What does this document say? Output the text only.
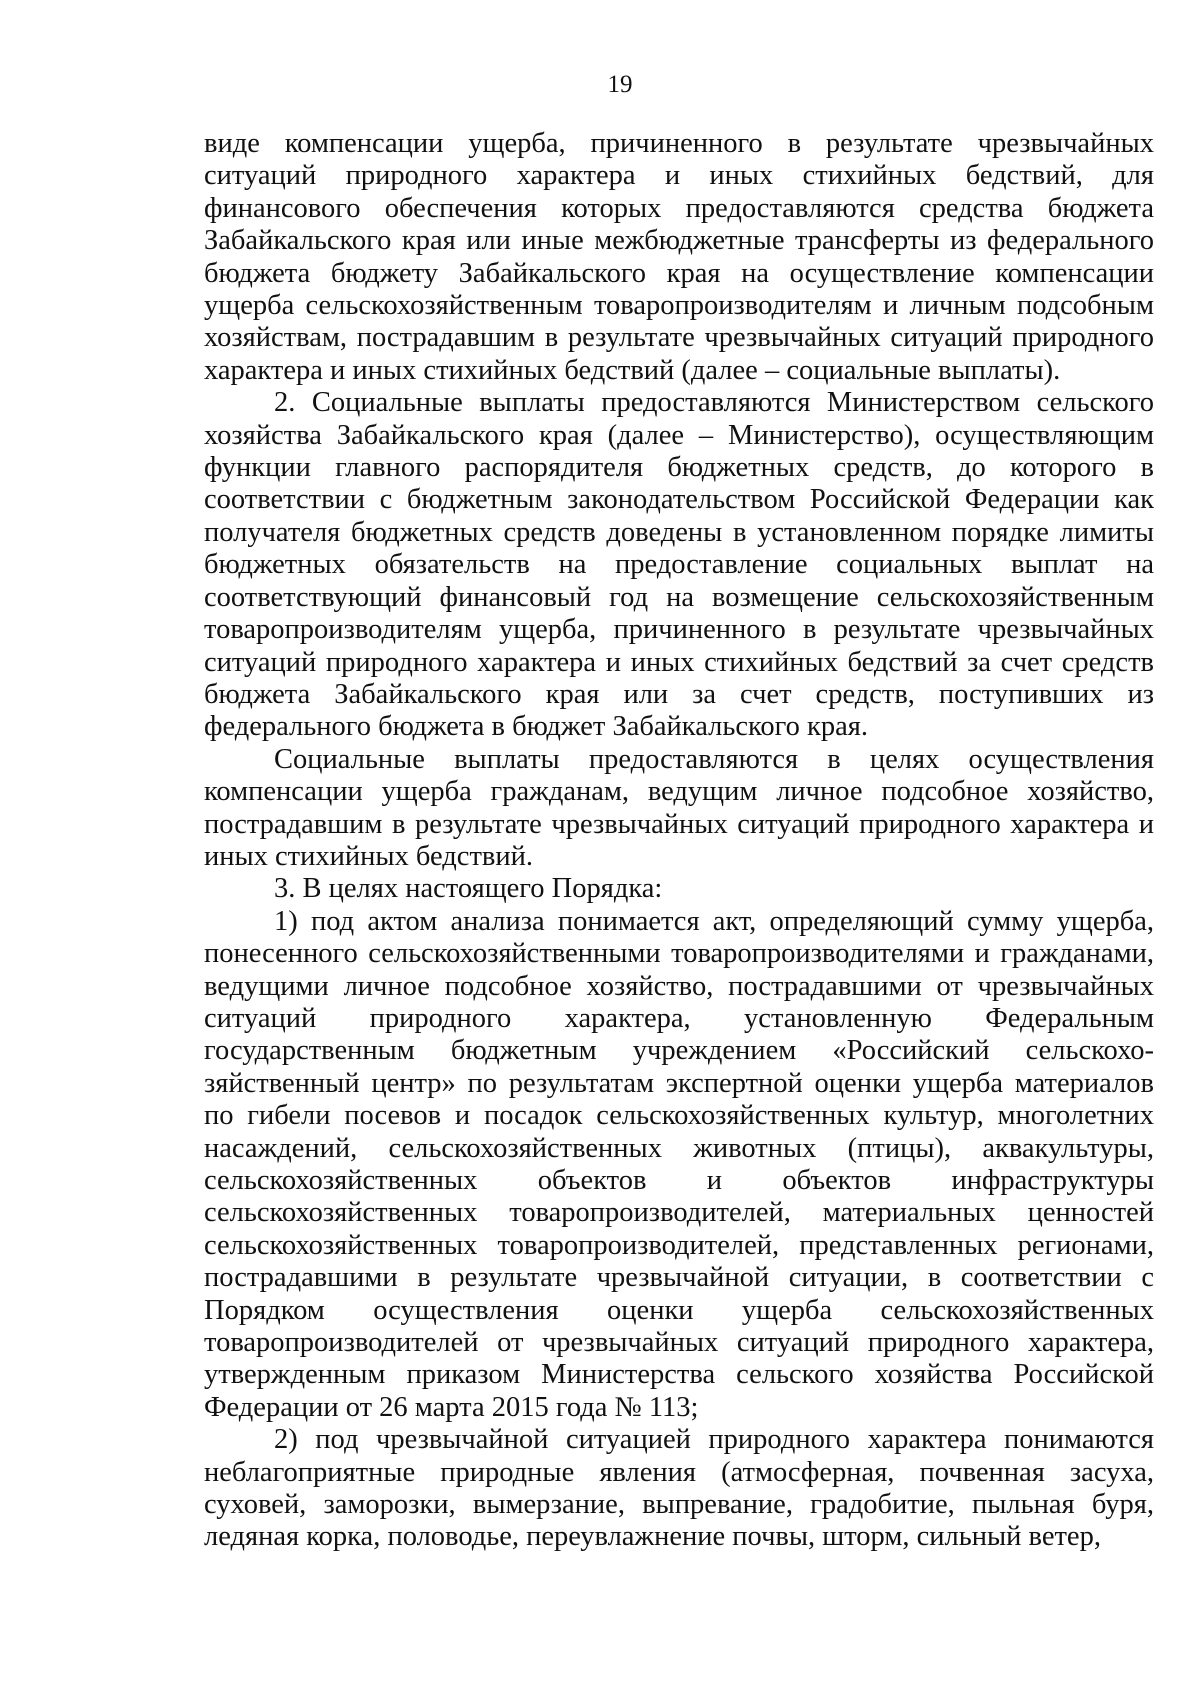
19

виде компенсации ущерба, причиненного в результате чрезвычайных ситуаций природного характера и иных стихийных бедствий, для финансового обеспечения которых предоставляются средства бюджета Забайкальского края или иные межбюджетные трансферты из федерального бюджета бюджету Забайкальского края на осуществление компенсации ущерба сельскохозяйственным товаропроизводителям и личным подсобным хозяйствам, пострадавшим в результате чрезвычайных ситуаций природного характера и иных стихийных бедствий (далее – социальные выплаты).

2. Социальные выплаты предоставляются Министерством сельского хозяйства Забайкальского края (далее – Министерство), осуществляющим функции главного распорядителя бюджетных средств, до которого в соответствии с бюджетным законодательством Российской Федерации как получателя бюджетных средств доведены в установленном порядке лимиты бюджетных обязательств на предоставление социальных выплат на соответствующий финансовый год на возмещение сельскохозяйственным товаропроизводителям ущерба, причиненного в результате чрезвычайных ситуаций природного характера и иных стихийных бедствий за счет средств бюджета Забайкальского края или за счет средств, поступивших из федерального бюджета в бюджет Забайкальского края.

Социальные выплаты предоставляются в целях осуществления компенсации ущерба гражданам, ведущим личное подсобное хозяйство, пострадавшим в результате чрезвычайных ситуаций природного характера и иных стихийных бедствий.

3. В целях настоящего Порядка:

1) под актом анализа понимается акт, определяющий сумму ущерба, понесенного сельскохозяйственными товаропроизводителями и гражданами, ведущими личное подсобное хозяйство, пострадавшими от чрезвычайных ситуаций природного характера, установленную Федеральным государственным бюджетным учреждением «Российский сельскохо-зяйственный центр» по результатам экспертной оценки ущерба материалов по гибели посевов и посадок сельскохозяйственных культур, многолетних насаждений, сельскохозяйственных животных (птицы), аквакультуры, сельскохозяйственных объектов и объектов инфраструктуры сельскохозяйственных товаропроизводителей, материальных ценностей сельскохозяйственных товаропроизводителей, представленных регионами, пострадавшими в результате чрезвычайной ситуации, в соответствии с Порядком осуществления оценки ущерба сельскохозяйственных товаропроизводителей от чрезвычайных ситуаций природного характера, утвержденным приказом Министерства сельского хозяйства Российской Федерации от 26 марта 2015 года № 113;

2) под чрезвычайной ситуацией природного характера понимаются неблагоприятные природные явления (атмосферная, почвенная засуха, суховей, заморозки, вымерзание, выпревание, градобитие, пыльная буря, ледяная корка, половодье, переувлажнение почвы, шторм, сильный ветер,
